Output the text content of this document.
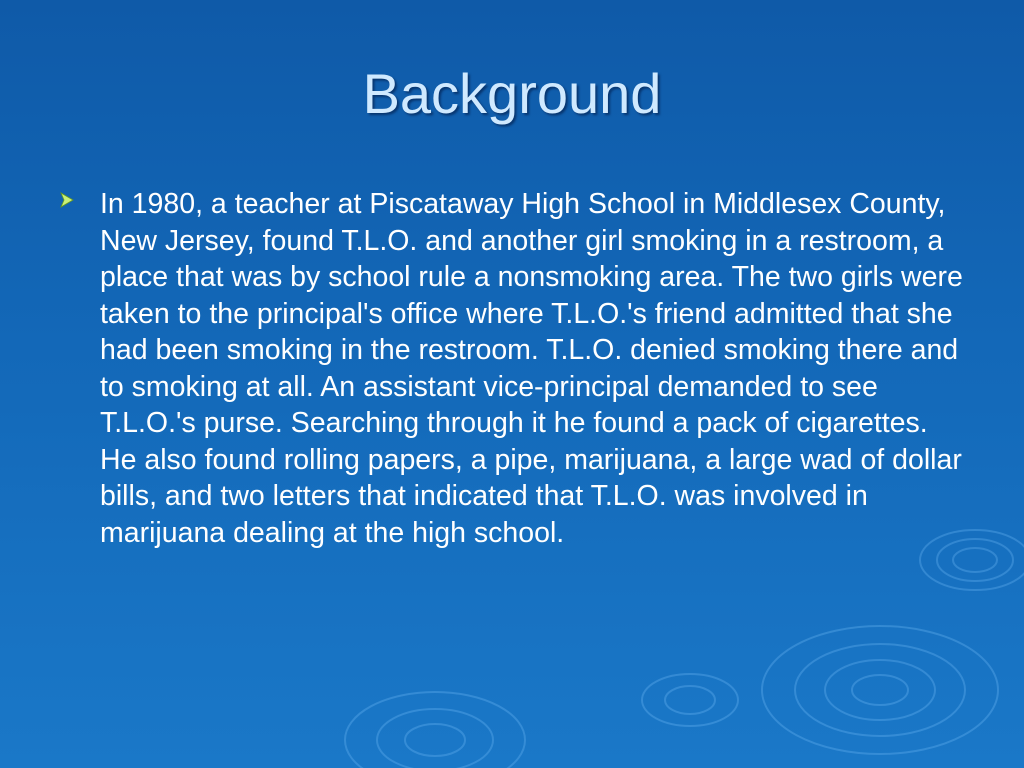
Background

In 1980, a teacher at Piscataway High School in Middlesex County, New Jersey, found T.L.O. and another girl smoking in a restroom, a place that was by school rule a nonsmoking area. The two girls were taken to the principal's office where T.L.O.'s friend admitted that she had been smoking in the restroom. T.L.O. denied smoking there and to smoking at all. An assistant vice-principal demanded to see T.L.O.'s purse. Searching through it he found a pack of cigarettes. He also found rolling papers, a pipe, marijuana, a large wad of dollar bills, and two letters that indicated that T.L.O. was involved in marijuana dealing at the high school.
